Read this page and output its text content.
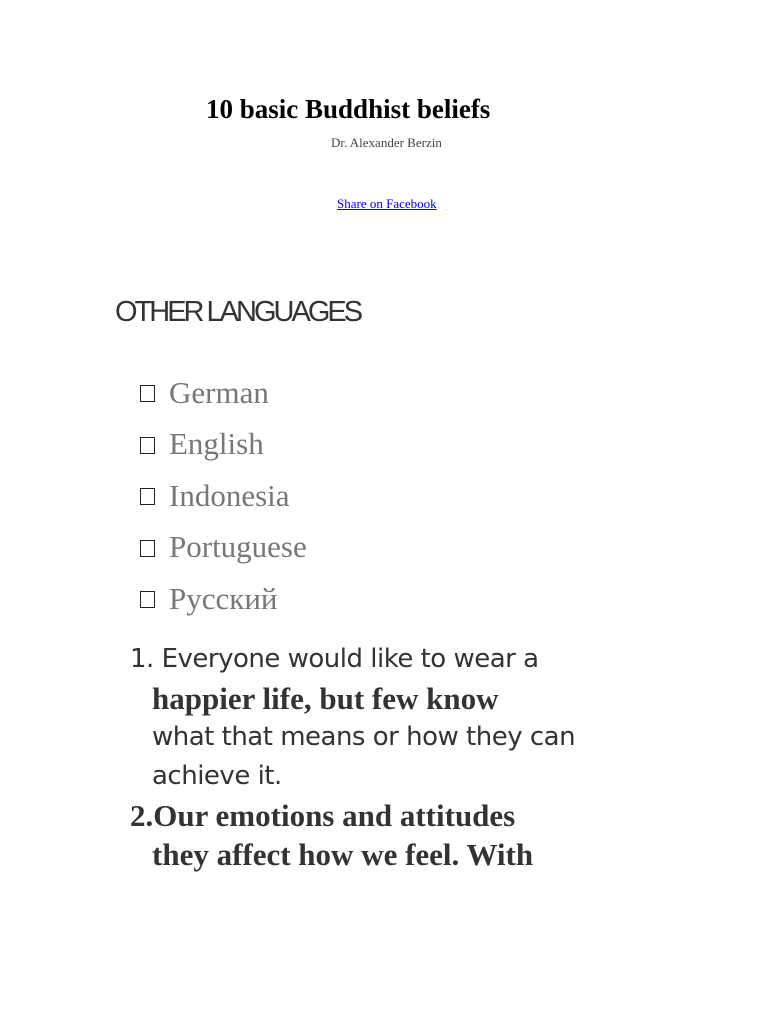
10 basic Buddhist beliefs
Dr. Alexander Berzin
Share on Facebook
OTHER LANGUAGES
German
English
Indonesia
Portuguese
Русский
1. Everyone would like to wear a
happier life, but few know
what that means or how they can
achieve it.
2.Our emotions and attitudes
they affect how we feel. With
